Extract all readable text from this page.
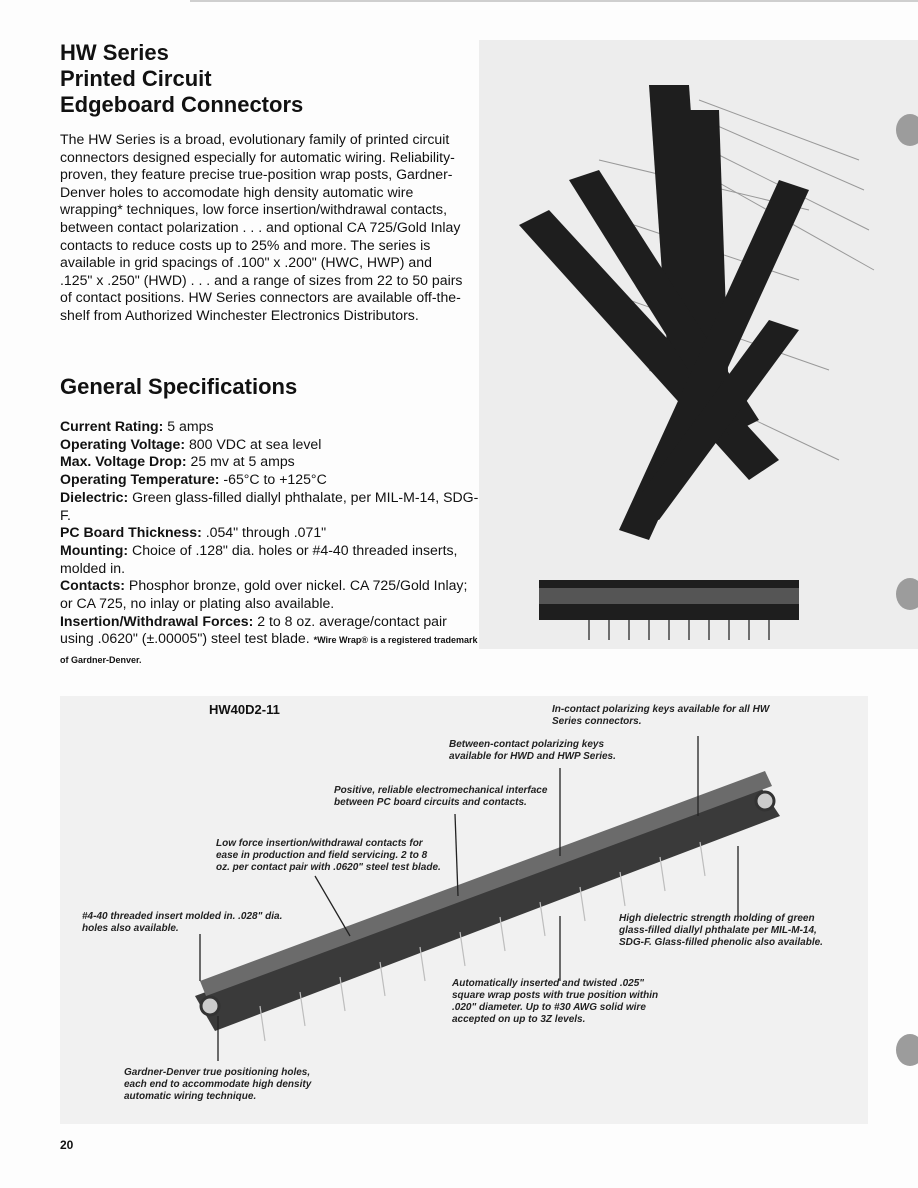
HW Series
Printed Circuit
Edgeboard Connectors
The HW Series is a broad, evolutionary family of printed circuit connectors designed especially for automatic wiring. Reliability-proven, they feature precise true-position wrap posts, Gardner-Denver holes to accomodate high density automatic wire wrapping* techniques, low force insertion/withdrawal contacts, between contact polarization . . . and optional CA 725/Gold Inlay contacts to reduce costs up to 25% and more. The series is available in grid spacings of .100" x .200" (HWC, HWP) and .125" x .250" (HWD) . . . and a range of sizes from 22 to 50 pairs of contact positions. HW Series connectors are available off-the-shelf from Authorized Winchester Electronics Distributors.
General Specifications
Current Rating: 5 amps
Operating Voltage: 800 VDC at sea level
Max. Voltage Drop: 25 mv at 5 amps
Operating Temperature: -65°C to +125°C
Dielectric: Green glass-filled diallyl phthalate, per MIL-M-14, SDG-F.
PC Board Thickness: .054" through .071"
Mounting: Choice of .128" dia. holes or #4-40 threaded inserts, molded in.
Contacts: Phosphor bronze, gold over nickel. CA 725/Gold Inlay; or CA 725, no inlay or plating also available.
Insertion/Withdrawal Forces: 2 to 8 oz. average/contact pair using .0620" (±.00005") steel test blade. *Wire Wrap® is a registered trademark of Gardner-Denver.
HW40D2-11	In-contact polarizing keys available for all HW Series connectors.
Between-contact polarizing keys available for HWD and HWP Series.
Positive, reliable electromechanical interface between PC board circuits and contacts.
Low force insertion/withdrawal contacts for ease in production and field servicing. 2 to 8 oz. per contact pair with .0620" steel test blade.
#4-40 threaded insert molded in. .028" dia. holes also available.
High dielectric strength molding of green glass-filled diallyl phthalate per MIL-M-14, SDG-F. Glass-filled phenolic also available.
Automatically inserted and twisted .025" square wrap posts with true position within .020" diameter. Up to #30 AWG solid wire accepted on up to 3Z levels.
Gardner-Denver true positioning holes, each end to accommodate high density automatic wiring technique.
20
